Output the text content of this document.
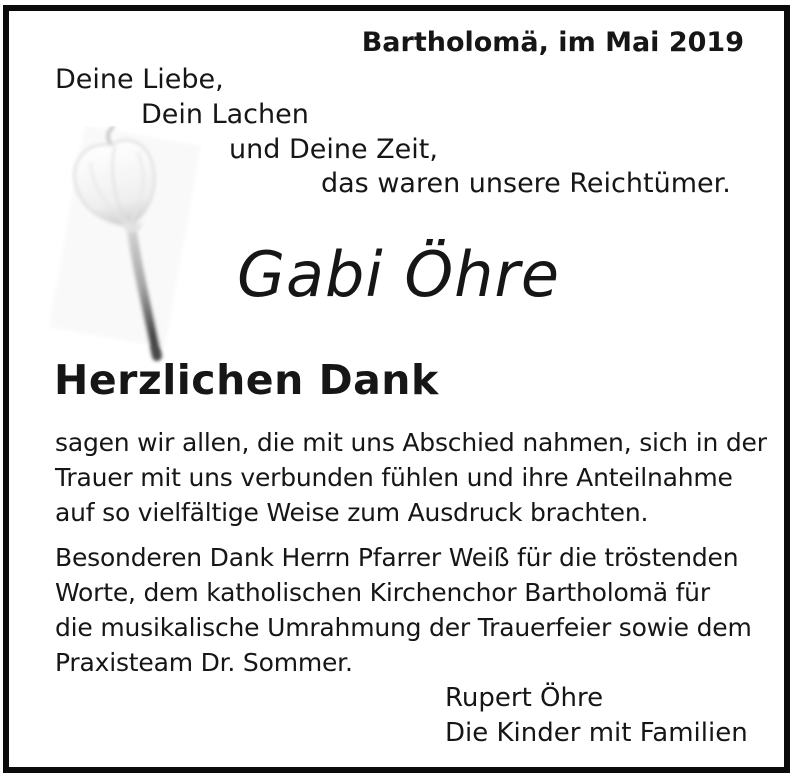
Bartholomä, im Mai 2019
Deine Liebe,
Dein Lachen
und Deine Zeit,
das waren unsere Reichtümer.
Gabi Öhre
Herzlichen Dank
sagen wir allen, die mit uns Abschied nahmen, sich in der
Trauer mit uns verbunden fühlen und ihre Anteilnahme
auf so vielfältige Weise zum Ausdruck brachten.
Besonderen Dank Herrn Pfarrer Weiß für die tröstenden
Worte, dem katholischen Kirchenchor Bartholomä für
die musikalische Umrahmung der Trauerfeier sowie dem
Praxisteam Dr. Sommer.
Rupert Öhre
Die Kinder mit Familien
